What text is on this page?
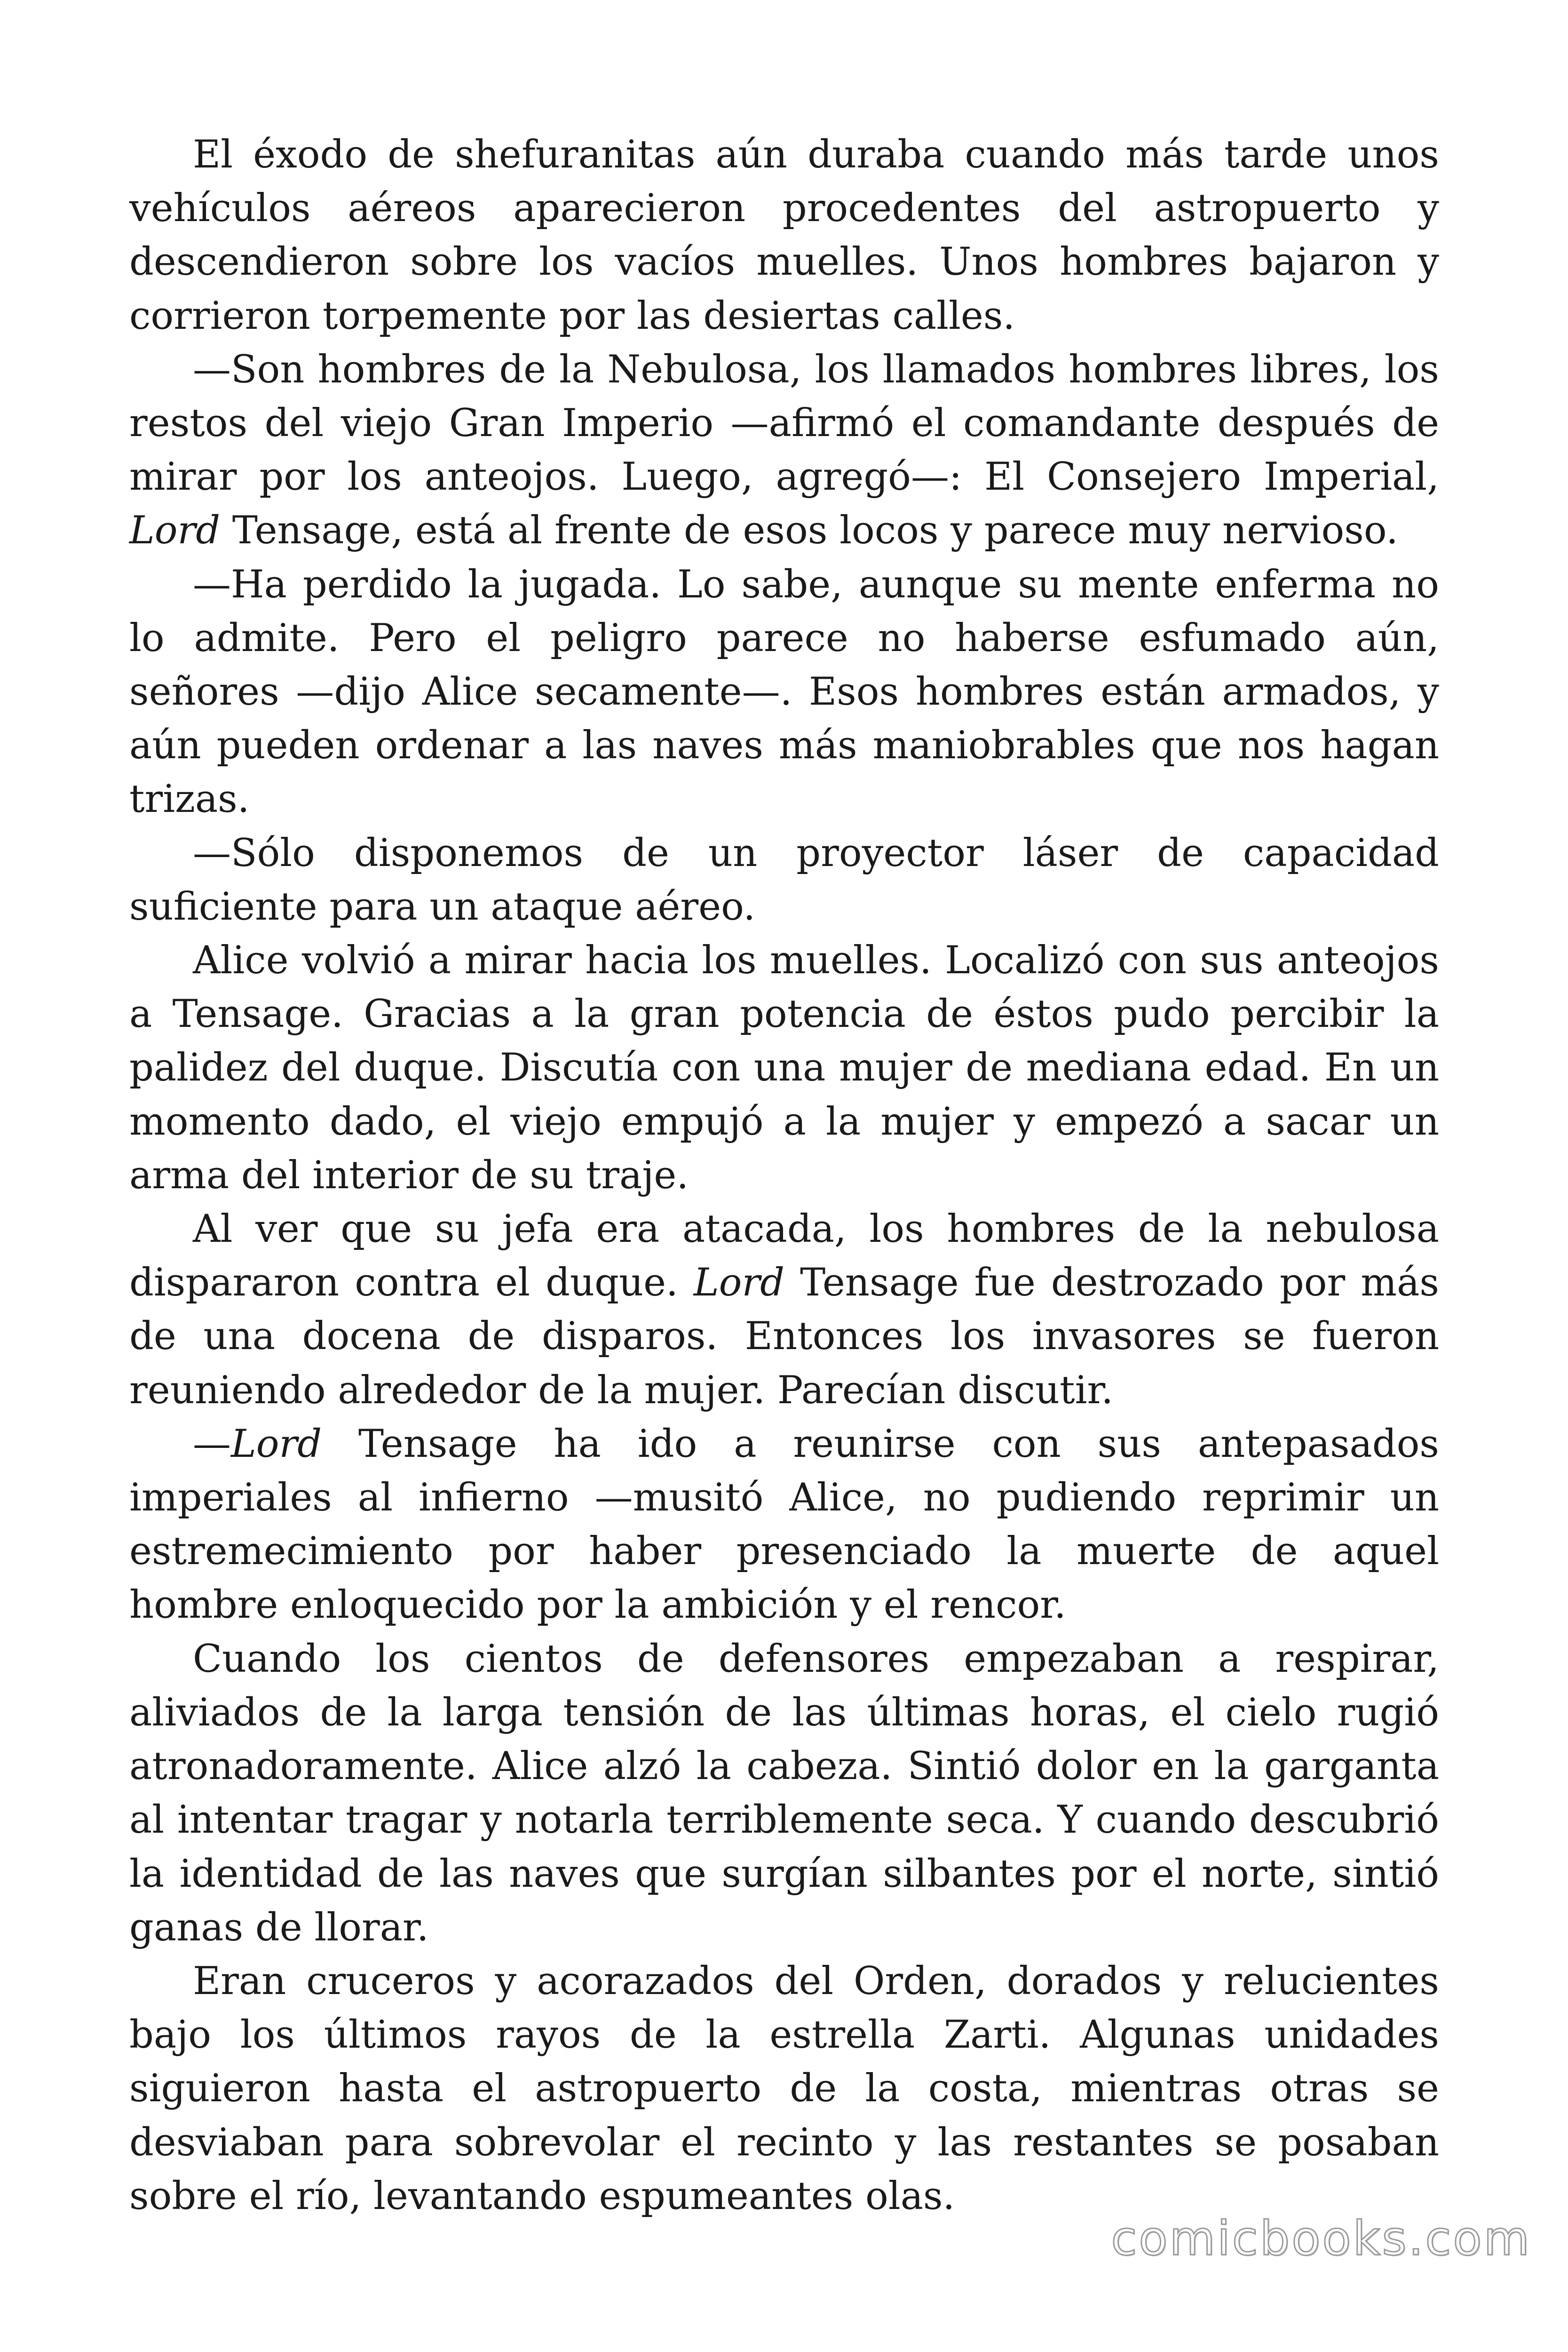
El éxodo de shefuranitas aún duraba cuando más tarde unos vehículos aéreos aparecieron procedentes del astropuerto y descendieron sobre los vacíos muelles. Unos hombres bajaron y corrieron torpemente por las desiertas calles.

—Son hombres de la Nebulosa, los llamados hombres libres, los restos del viejo Gran Imperio —afirmó el comandante después de mirar por los anteojos. Luego, agregó—: El Consejero Imperial, Lord Tensage, está al frente de esos locos y parece muy nervioso.

—Ha perdido la jugada. Lo sabe, aunque su mente enferma no lo admite. Pero el peligro parece no haberse esfumado aún, señores —dijo Alice secamente—. Esos hombres están armados, y aún pueden ordenar a las naves más maniobrables que nos hagan trizas.

—Sólo disponemos de un proyector láser de capacidad suficiente para un ataque aéreo.

Alice volvió a mirar hacia los muelles. Localizó con sus anteojos a Tensage. Gracias a la gran potencia de éstos pudo percibir la palidez del duque. Discutía con una mujer de mediana edad. En un momento dado, el viejo empujó a la mujer y empezó a sacar un arma del interior de su traje.

Al ver que su jefa era atacada, los hombres de la nebulosa dispararon contra el duque. Lord Tensage fue destrozado por más de una docena de disparos. Entonces los invasores se fueron reuniendo alrededor de la mujer. Parecían discutir.

—Lord Tensage ha ido a reunirse con sus antepasados imperiales al infierno —musitó Alice, no pudiendo reprimir un estremecimiento por haber presenciado la muerte de aquel hombre enloquecido por la ambición y el rencor.

Cuando los cientos de defensores empezaban a respirar, aliviados de la larga tensión de las últimas horas, el cielo rugió atronadoramente. Alice alzó la cabeza. Sintió dolor en la garganta al intentar tragar y notarla terriblemente seca. Y cuando descubrió la identidad de las naves que surgían silbantes por el norte, sintió ganas de llorar.

Eran cruceros y acorazados del Orden, dorados y relucientes bajo los últimos rayos de la estrella Zarti. Algunas unidades siguieron hasta el astropuerto de la costa, mientras otras se desviaban para sobrevolar el recinto y las restantes se posaban sobre el río, levantando espumeantes olas.

comicbooks.com
